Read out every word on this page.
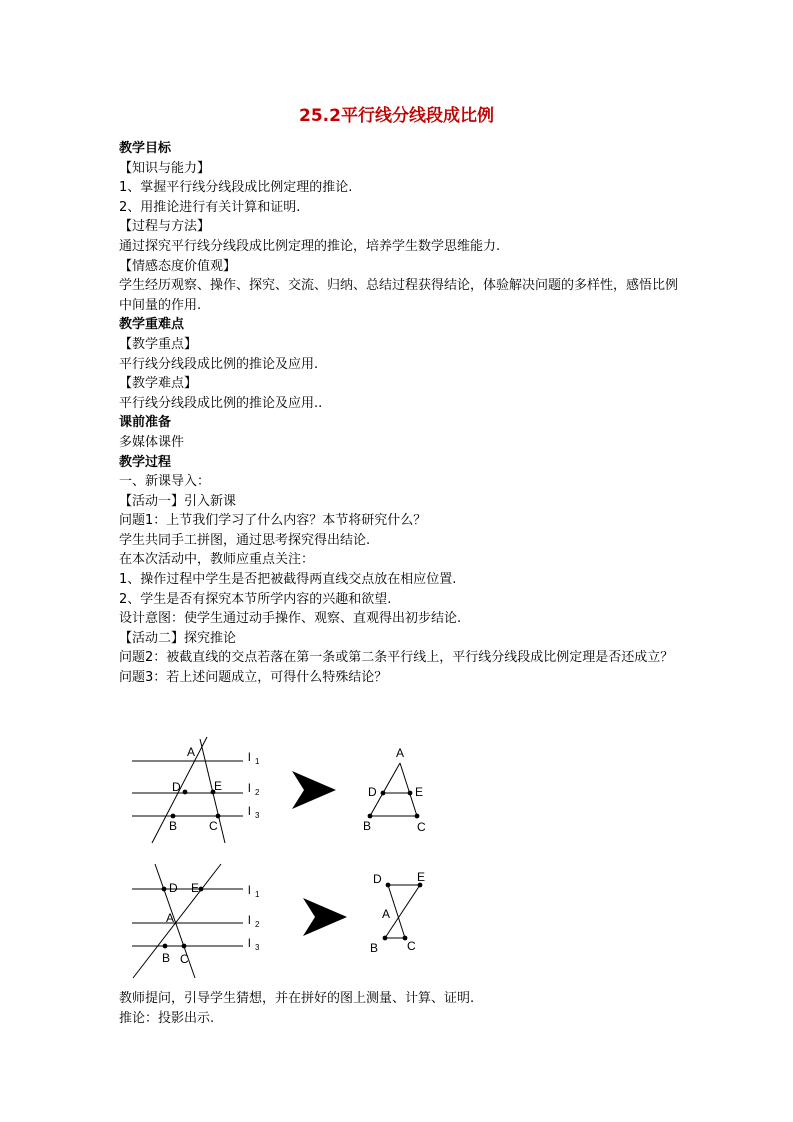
25.2平行线分线段成比例
教学目标
【知识与能力】
1、掌握平行线分线段成比例定理的推论.
2、用推论进行有关计算和证明.
【过程与方法】
通过探究平行线分线段成比例定理的推论，培养学生数学思维能力.
【情感态度价值观】
学生经历观察、操作、探究、交流、归纳、总结过程获得结论，体验解决问题的多样性，感悟比例中间量的作用.
教学重难点
【教学重点】
平行线分线段成比例的推论及应用.
【教学难点】
平行线分线段成比例的推论及应用..
课前准备
多媒体课件
教学过程
一、新课导入：
【活动一】引入新课
问题1：上节我们学习了什么内容？本节将研究什么？
学生共同手工拼图，通过思考探究得出结论.
在本次活动中，教师应重点关注：
1、操作过程中学生是否把被截得两直线交点放在相应位置.
2、学生是否有探究本节所学内容的兴趣和欲望.
设计意图：使学生通过动手操作、观察、直观得出初步结论.
【活动二】探究推论
问题2：被截直线的交点若落在第一条或第二条平行线上，平行线分线段成比例定理是否还成立？
问题3：若上述问题成立，可得什么特殊结论？
A
D	E
B	C
l 1
l 2
l 3
A
D	E
B	C
D E
A
B C
l 1
l 2
l 3
D	E
A
B C
教师提问，引导学生猜想，并在拼好的图上测量、计算、证明.
推论：投影出示.
